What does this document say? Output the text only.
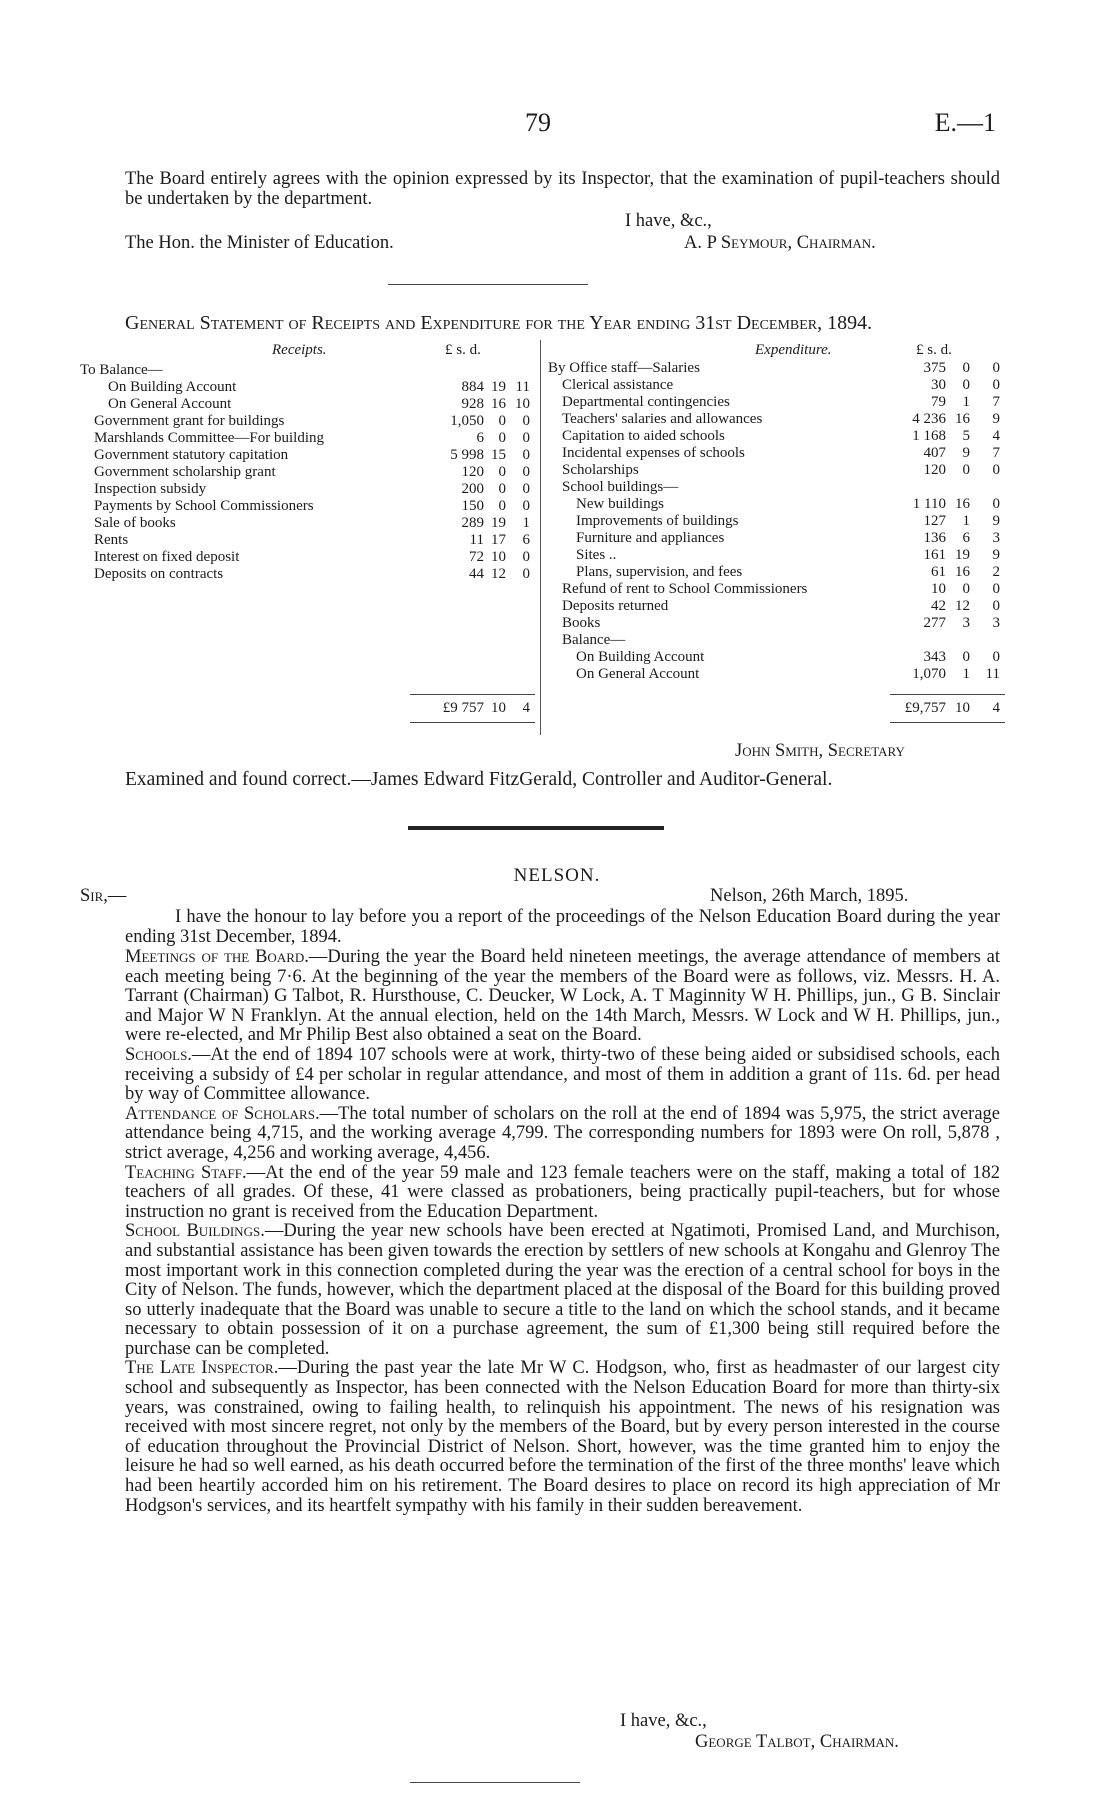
79	E.—1
The Board entirely agrees with the opinion expressed by its Inspector, that the examination of pupil-teachers should be undertaken by the department.
I have, &c.,
The Hon. the Minister of Education.	A. P Seymour, Chairman.
General Statement of Receipts and Expenditure for the Year ending 31st December, 1894.
Receipts.	£ s. d.	Expenditure.	£ s. d.
To Balance—
On Building Account	884 19 11
On General Account	928 16 10
Government grant for buildings	1,050 0	0
Marshlands Committee—For building	6 0	0
Government statutory capitation	5 998 15	0
Government scholarship grant	120 0	0
Inspection subsidy	200 0	0
Payments by School Commissioners	150 0	0
Sale of books	289 19	1
Rents	11 17	6
Interest on fixed deposit	72 10	0
Deposits on contracts	44 12	0
By Office staff—Salaries	375	0	0
Clerical assistance	30	0	0
Departmental contingencies	79	1	7
Teachers' salaries and allowances	4 236 16	9
Capitation to aided schools	1 168	5	4
Incidental expenses of schools	407	9	7
Scholarships	120	0	0
School buildings—
New buildings	1 110 16	0
Improvements of buildings	127	1	9
Furniture and appliances	136	6	3
Sites ..	161 19	9
Plans, supervision, and fees	61 16	2
Refund of rent to School Commissioners	10	0	0
Deposits returned	42 12	0
Books	277	3	3
Balance—
On Building Account	343	0	0
On General Account	1,070	1	11
£9 757 10	4	£9,757 10	4
John Smith, Secretary
Examined and found correct.—James Edward FitzGerald, Controller and Auditor-General.
NELSON.
Sir,—	Nelson, 26th March, 1895.
I have the honour to lay before you a report of the proceedings of the Nelson Education Board during the year ending 31st December, 1894.
Meetings of the Board.—During the year the Board held nineteen meetings, the average attendance of members at each meeting being 7·6. At the beginning of the year the members of the Board were as follows, viz. Messrs. H. A. Tarrant (Chairman) G Talbot, R. Hursthouse, C. Deucker, W Lock, A. T Maginnity W H. Phillips, jun., G B. Sinclair and Major W N Franklyn. At the annual election, held on the 14th March, Messrs. W Lock and W H. Phillips, jun., were re-elected, and Mr Philip Best also obtained a seat on the Board.
Schools.—At the end of 1894 107 schools were at work, thirty-two of these being aided or subsidised schools, each receiving a subsidy of £4 per scholar in regular attendance, and most of them in addition a grant of 11s. 6d. per head by way of Committee allowance.
Attendance of Scholars.—The total number of scholars on the roll at the end of 1894 was 5,975, the strict average attendance being 4,715, and the working average 4,799. The corresponding numbers for 1893 were On roll, 5,878 , strict average, 4,256 and working average, 4,456.
Teaching Staff.—At the end of the year 59 male and 123 female teachers were on the staff, making a total of 182 teachers of all grades. Of these, 41 were classed as probationers, being practically pupil-teachers, but for whose instruction no grant is received from the Education Department.
School Buildings.—During the year new schools have been erected at Ngatimoti, Promised Land, and Murchison, and substantial assistance has been given towards the erection by settlers of new schools at Kongahu and Glenroy The most important work in this connection completed during the year was the erection of a central school for boys in the City of Nelson. The funds, however, which the department placed at the disposal of the Board for this building proved so utterly inadequate that the Board was unable to secure a title to the land on which the school stands, and it became necessary to obtain possession of it on a purchase agreement, the sum of £1,300 being still required before the purchase can be completed.
The Late Inspector.—During the past year the late Mr W C. Hodgson, who, first as headmaster of our largest city school and subsequently as Inspector, has been connected with the Nelson Education Board for more than thirty-six years, was constrained, owing to failing health, to relinquish his appointment. The news of his resignation was received with most sincere regret, not only by the members of the Board, but by every person interested in the course of education throughout the Provincial District of Nelson. Short, however, was the time granted him to enjoy the leisure he had so well earned, as his death occurred before the termination of the first of the three months' leave which had been heartily accorded him on his retirement. The Board desires to place on record its high appreciation of Mr Hodgson's services, and its heartfelt sympathy with his family in their sudden bereavement.
I have, &c.,
George Talbot, Chairman.
